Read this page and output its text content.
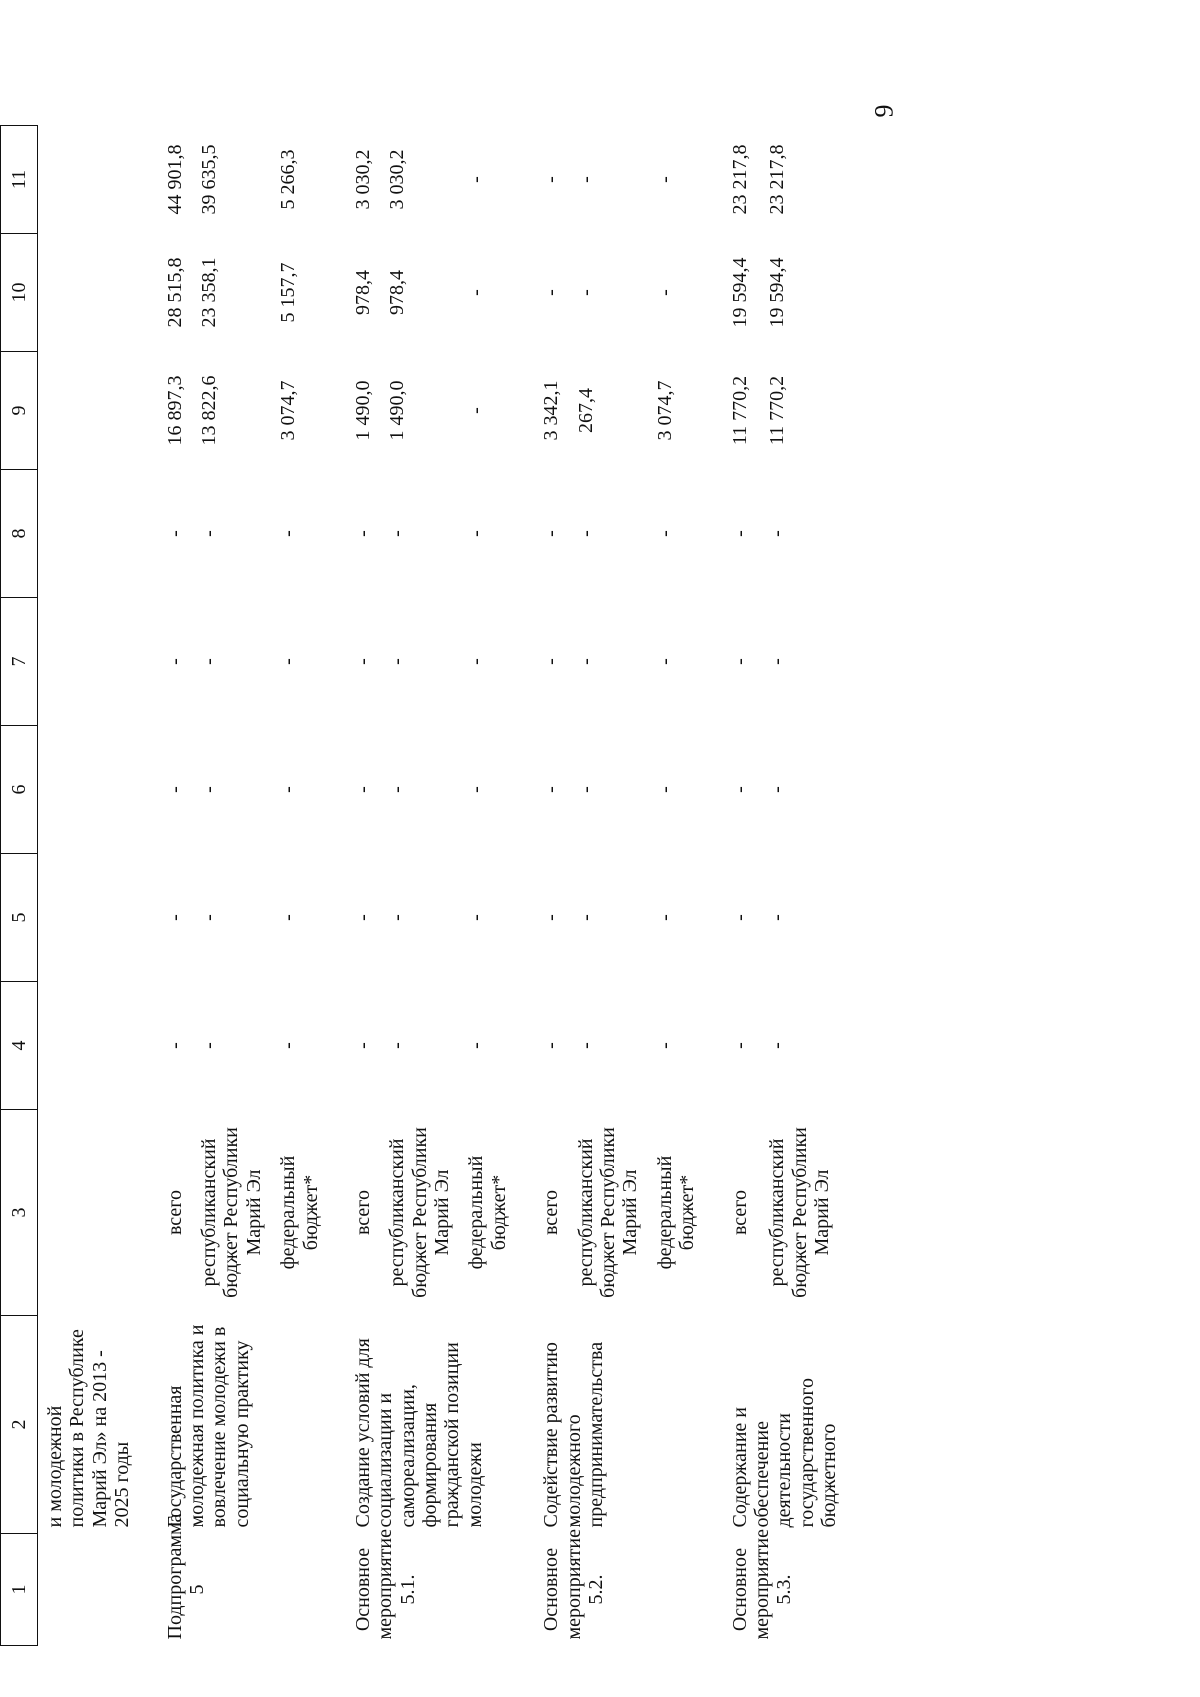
9
1	2	3	4	5	6	7	8	9	10	11
	и молодежной политики в Республике Марий Эл» на 2013 - 2025 годы									

Подпрограмма 5	Государственная молодежная политика и вовлечение молодежи в социальную практику	всего	-	-	-	-	-	16 897,3	28 515,8	44 901,8
		республиканский бюджет Республики Марий Эл	-	-	-	-	-	13 822,6	23 358,1	39 635,5
		федеральный бюджет*	-	-	-	-	-	3 074,7	5 157,7	5 266,3

Основное мероприятие 5.1.	Создание условий для социализации и самореализации, формирования гражданской позиции молодежи	всего	-	-	-	-	-	1 490,0	978,4	3 030,2
		республиканский бюджет Республики Марий Эл	-	-	-	-	-	1 490,0	978,4	3 030,2
		федеральный бюджет*	-	-	-	-	-	-	-	-

Основное мероприятие 5.2.	Содействие развитию молодежного предпринимательства	всего	-	-	-	-	-	3 342,1	-	-
		республиканский бюджет Республики Марий Эл	-	-	-	-	-	267,4	-	-
		федеральный бюджет*	-	-	-	-	-	3 074,7	-	-

Основное мероприятие 5.3.	Содержание и обеспечение деятельности государственного бюджетного	всего	-	-	-	-	-	11 770,2	19 594,4	23 217,8
		республиканский бюджет Республики Марий Эл	-	-	-	-	-	11 770,2	19 594,4	23 217,8
